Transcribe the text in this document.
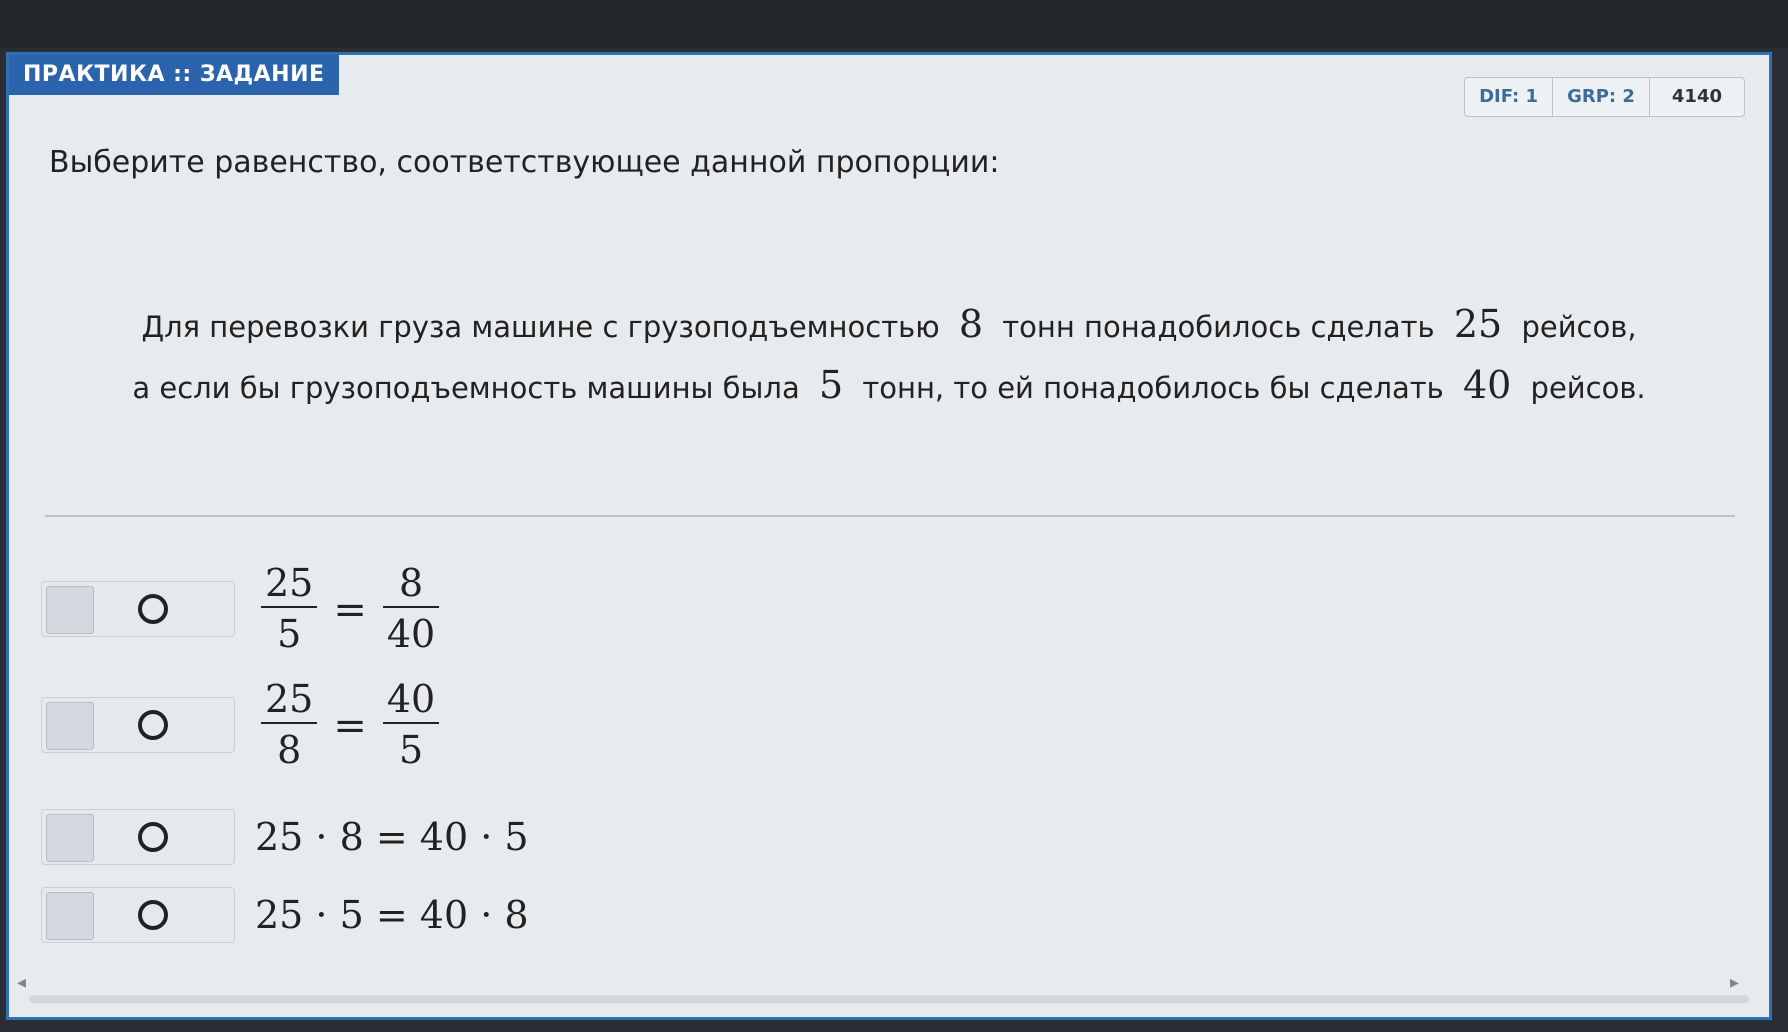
ПРАКТИКА :: ЗАДАНИЕ
DIF: 1	GRP: 2	4140
Выберите равенство, соответствующее данной пропорции:
Для перевозки груза машине с грузоподъемностью 8 тонн понадобилось сделать 25 рейсов,
а если бы грузоподъемность машины была 5 тонн, то ей понадобилось бы сделать 40 рейсов.
$\frac{25}{5} = \frac{8}{40}$
$\frac{25}{8} = \frac{40}{5}$
25 · 8 = 40 · 5
25 · 5 = 40 · 8
◂	▸
